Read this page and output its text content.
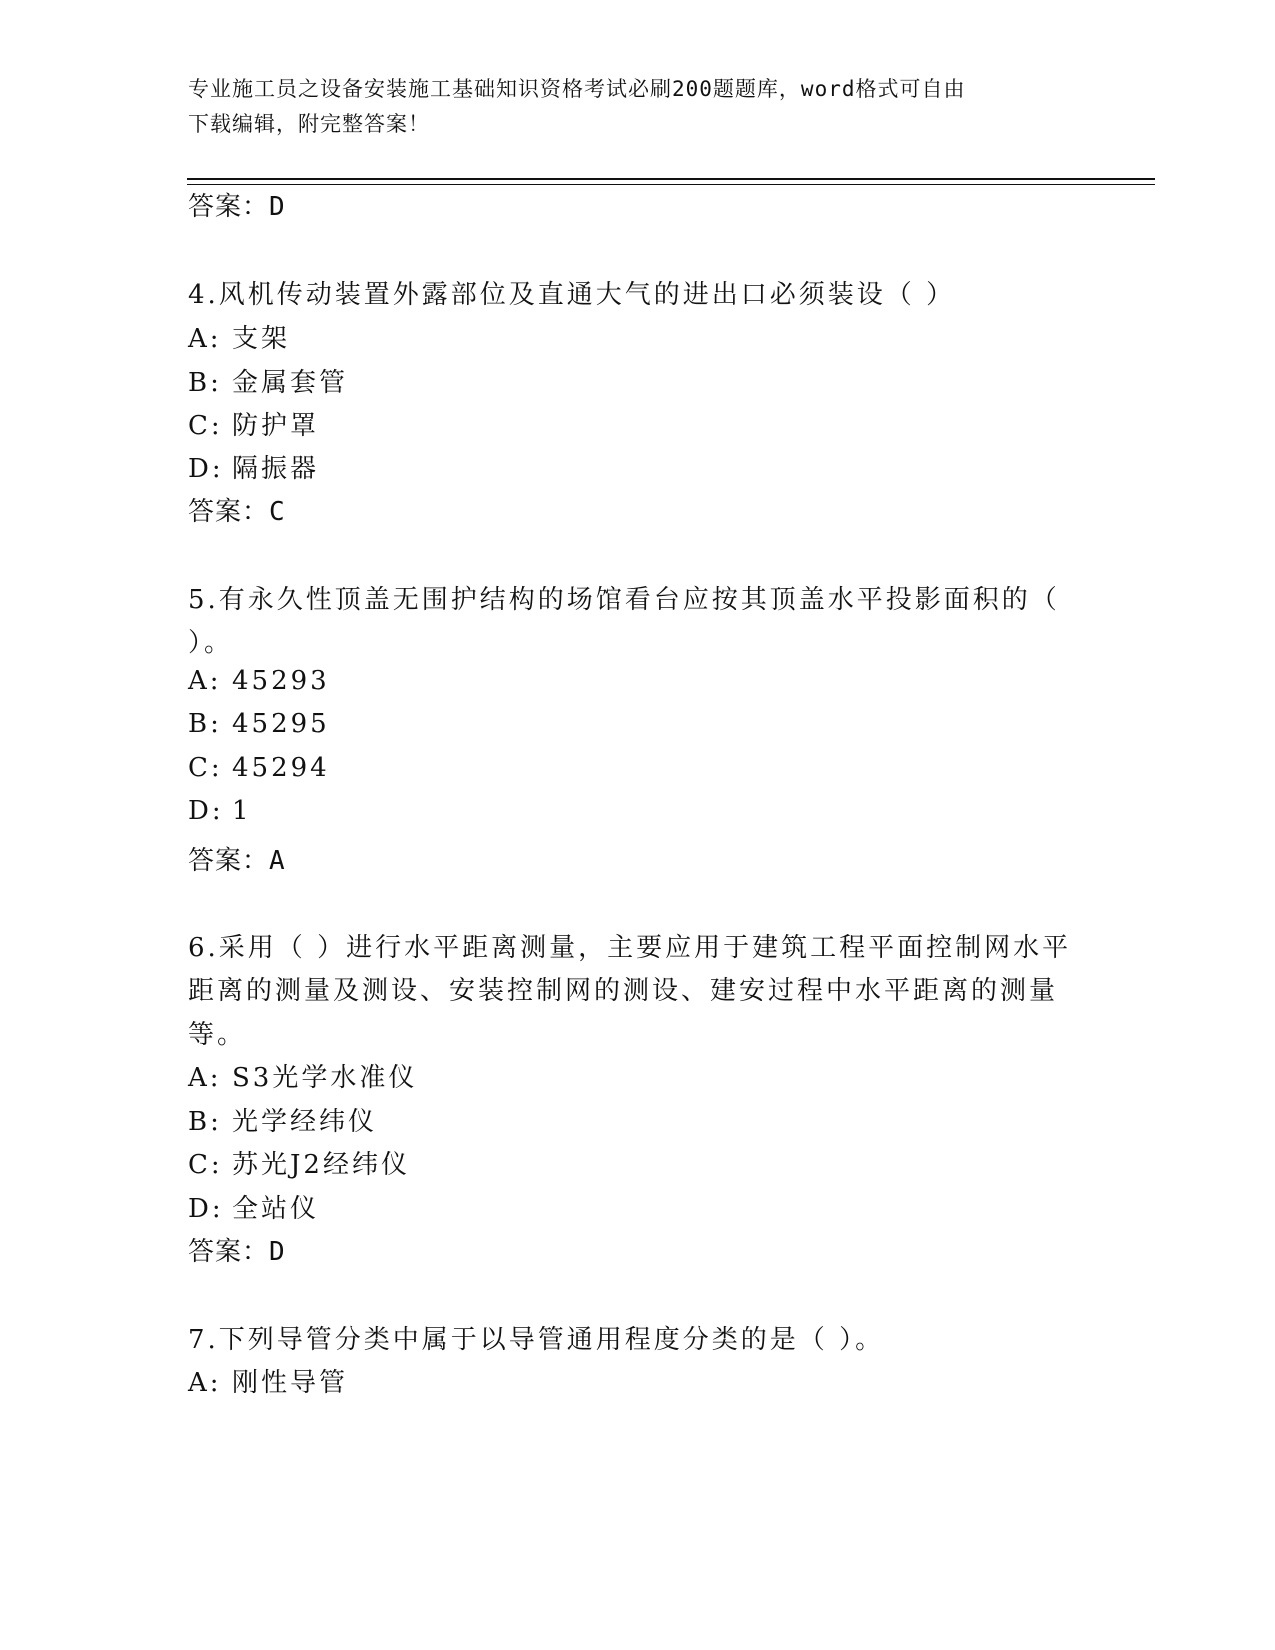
专业施工员之设备安装施工基础知识资格考试必刷200题题库，word格式可自由
下载编辑，附完整答案！
答案：D
4.风机传动装置外露部位及直通大气的进出口必须装设（ ）
A: 支架
B: 金属套管
C: 防护罩
D: 隔振器
答案：C
5.有永久性顶盖无围护结构的场馆看台应按其顶盖水平投影面积的（
）。
A: 45293
B: 45295
C: 45294
D: 1
答案：A
6.采用（ ）进行水平距离测量，主要应用于建筑工程平面控制网水平
距离的测量及测设、安装控制网的测设、建安过程中水平距离的测量
等。
A: S3光学水准仪
B: 光学经纬仪
C: 苏光J2经纬仪
D: 全站仪
答案：D
7.下列导管分类中属于以导管通用程度分类的是（ ）。
A: 刚性导管
